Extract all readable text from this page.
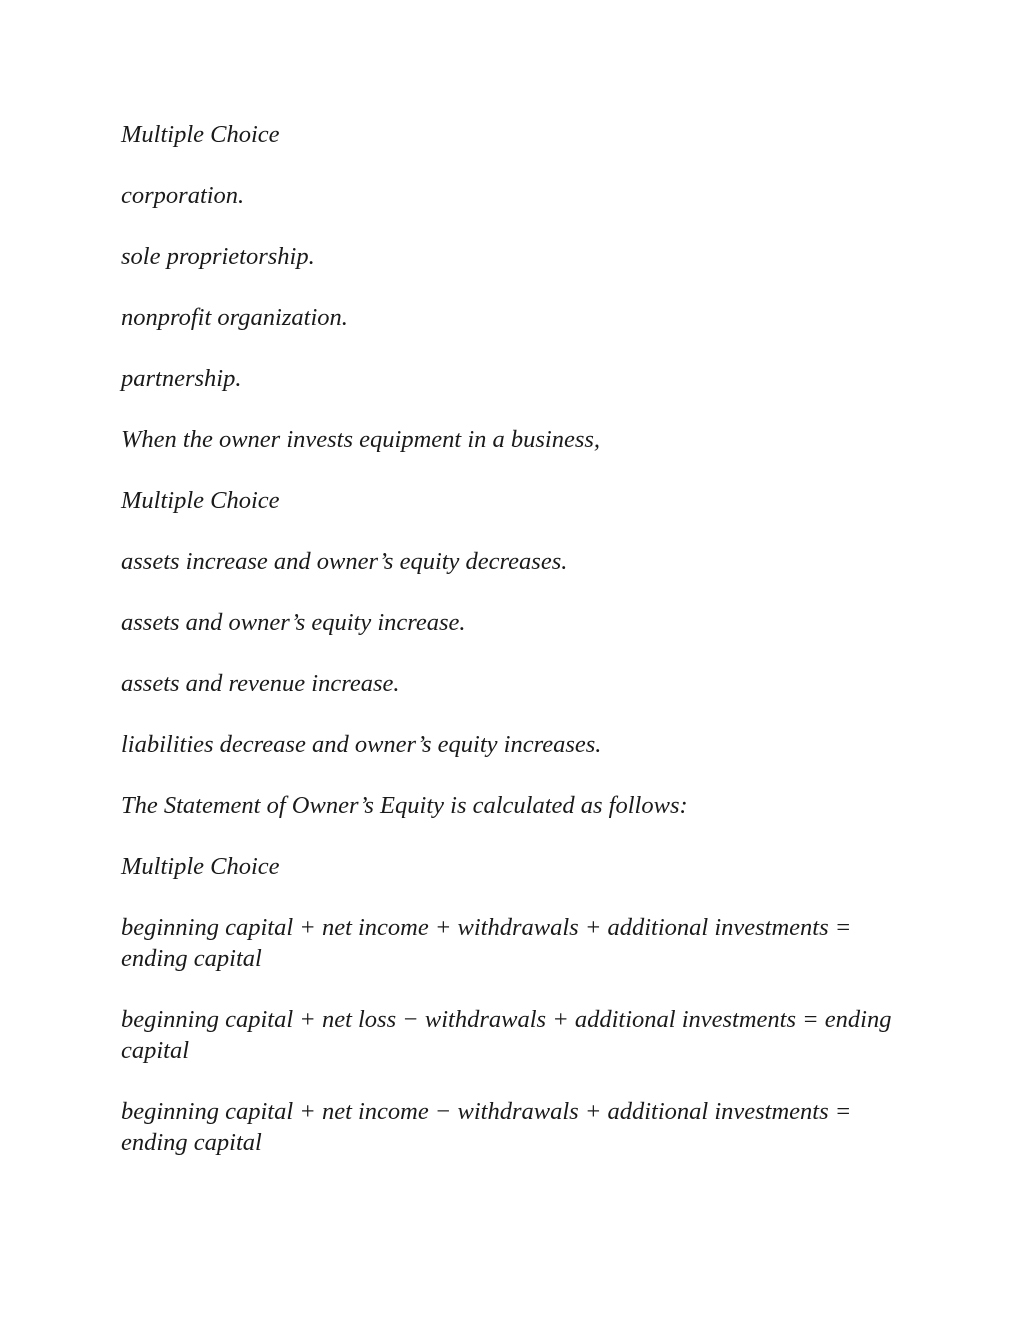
Multiple Choice

corporation.

sole proprietorship.

nonprofit organization.

partnership.

When the owner invests equipment in a business,

Multiple Choice

assets increase and owner’s equity decreases.

assets and owner’s equity increase.

assets and revenue increase.

liabilities decrease and owner’s equity increases.

The Statement of Owner’s Equity is calculated as follows:

Multiple Choice

beginning capital + net income + withdrawals + additional investments = ending capital

beginning capital + net loss − withdrawals + additional investments = ending capital

beginning capital + net income − withdrawals + additional investments = ending capital
